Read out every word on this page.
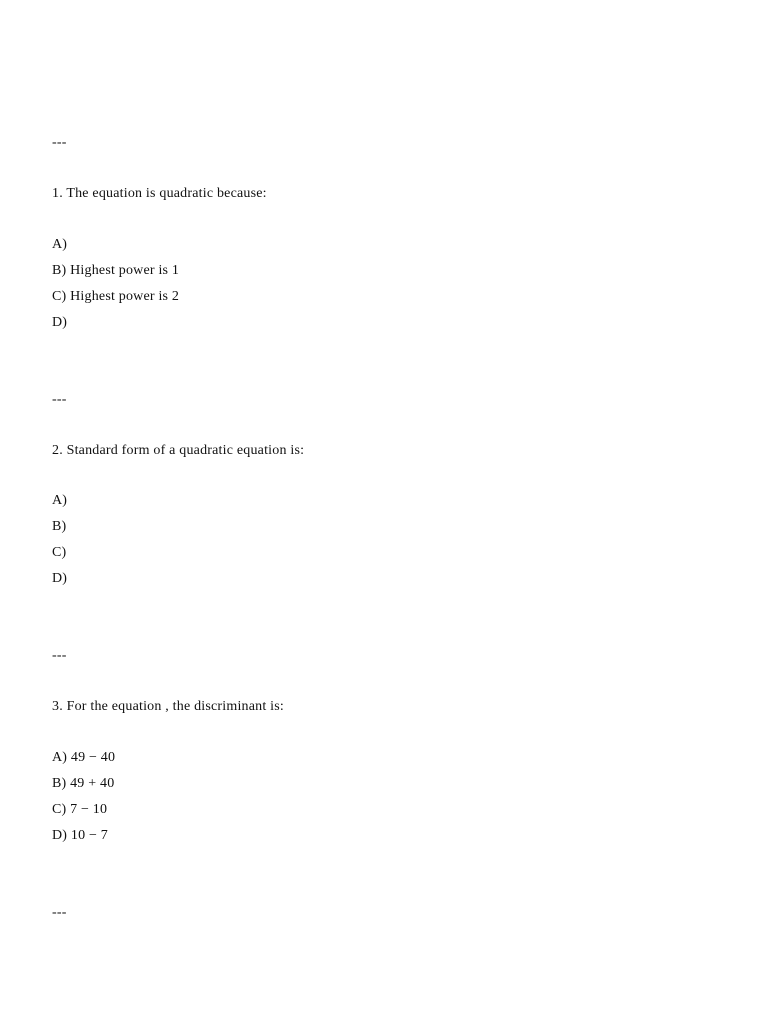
---
1. The equation is quadratic because:
A)
B) Highest power is 1
C) Highest power is 2
D)
---
2. Standard form of a quadratic equation is:
A)
B)
C)
D)
---
3. For the equation , the discriminant is:
A) 49 − 40
B) 49 + 40
C) 7 − 10
D) 10 − 7
---
